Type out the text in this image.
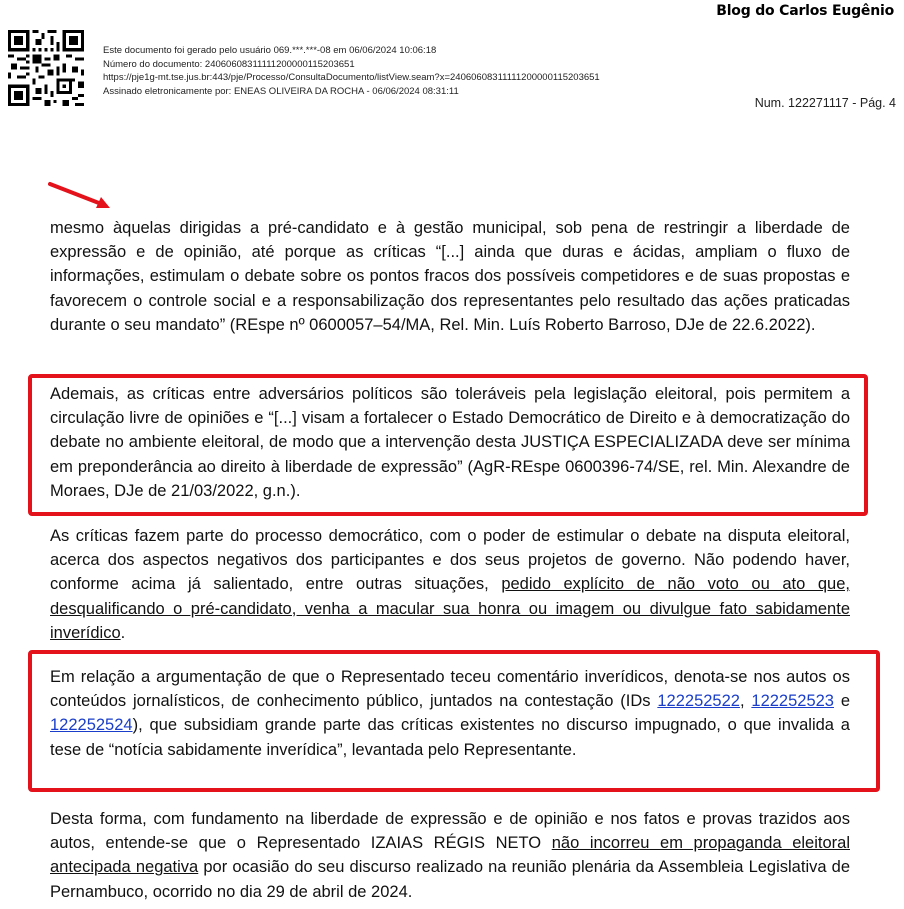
Blog do Carlos Eugênio
Este documento foi gerado pelo usuário 069.***.***-08 em 06/06/2024 10:06:18
Número do documento: 24060608311111200000115203651
https://pje1g-mt.tse.jus.br:443/pje/Processo/ConsultaDocumento/listView.seam?x=24060608311111200000115203651
Assinado eletronicamente por: ENEAS OLIVEIRA DA ROCHA - 06/06/2024 08:31:11
Num. 122271117 - Pág. 4
mesmo àquelas dirigidas a pré-candidato e à gestão municipal, sob pena de restringir a liberdade de expressão e de opinião, até porque as críticas “[...] ainda que duras e ácidas, ampliam o fluxo de informações, estimulam o debate sobre os pontos fracos dos possíveis competidores e de suas propostas e favorecem o controle social e a responsabilização dos representantes pelo resultado das ações praticadas durante o seu mandato” (REspe nº 0600057–54/MA, Rel. Min. Luís Roberto Barroso, DJe de 22.6.2022).
Ademais, as críticas entre adversários políticos são toleráveis pela legislação eleitoral, pois permitem a circulação livre de opiniões e “[...] visam a fortalecer o Estado Democrático de Direito e à democratização do debate no ambiente eleitoral, de modo que a intervenção desta JUSTIÇA ESPECIALIZADA deve ser mínima em preponderância ao direito à liberdade de expressão” (AgR-REspe 0600396-74/SE, rel. Min. Alexandre de Moraes, DJe de 21/03/2022, g.n.).
As críticas fazem parte do processo democrático, com o poder de estimular o debate na disputa eleitoral, acerca dos aspectos negativos dos participantes e dos seus projetos de governo. Não podendo haver, conforme acima já salientado, entre outras situações, pedido explícito de não voto ou ato que, desqualificando o pré-candidato, venha a macular sua honra ou imagem ou divulgue fato sabidamente inverídico.
Em relação a argumentação de que o Representado teceu comentário inverídicos, denota-se nos autos os conteúdos jornalísticos, de conhecimento público, juntados na contestação (IDs 122252522, 122252523 e 122252524), que subsidiam grande parte das críticas existentes no discurso impugnado, o que invalida a tese de “notícia sabidamente inverídica”, levantada pelo Representante.
Desta forma, com fundamento na liberdade de expressão e de opinião e nos fatos e provas trazidos aos autos, entende-se que o Representado IZAIAS RÉGIS NETO não incorreu em propaganda eleitoral antecipada negativa por ocasião do seu discurso realizado na reunião plenária da Assembleia Legislativa de Pernambuco, ocorrido no dia 29 de abril de 2024.
